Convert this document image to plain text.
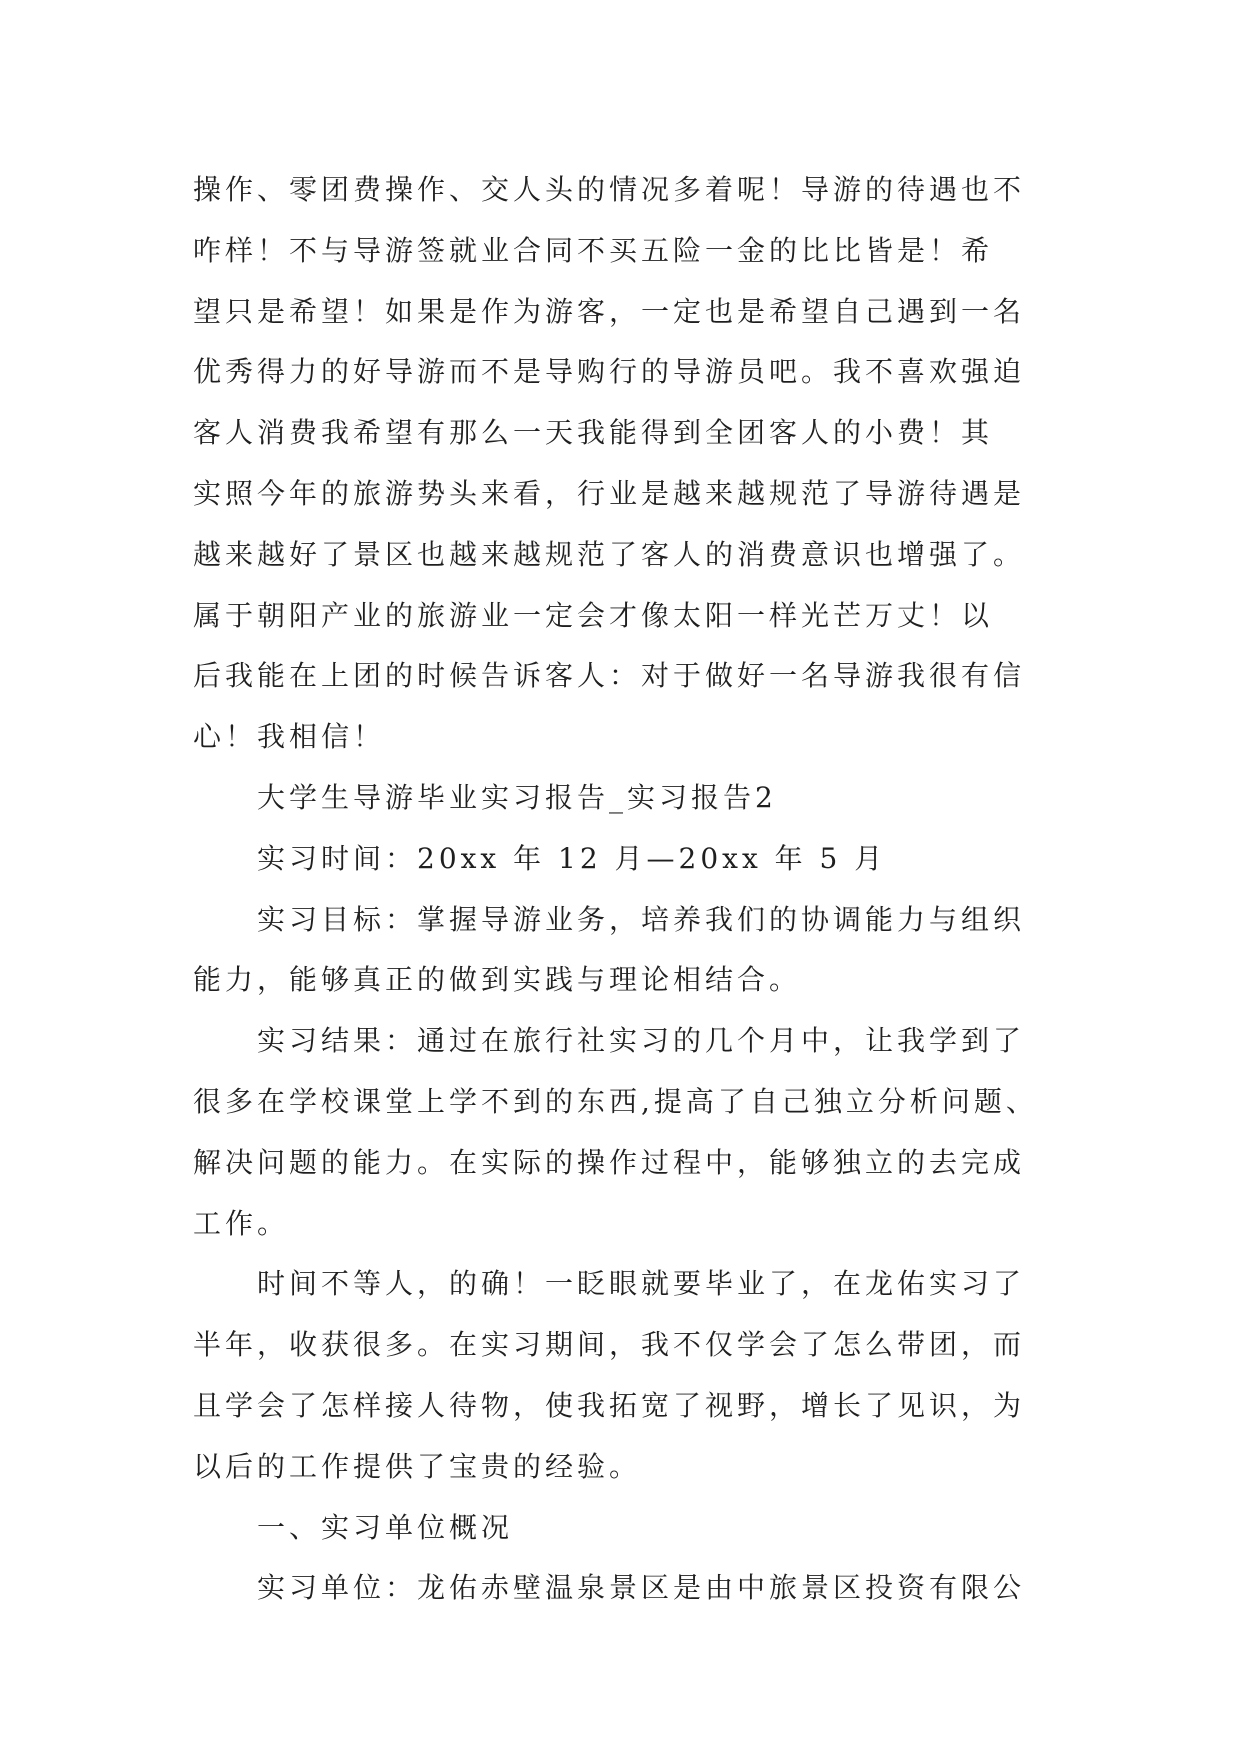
操作、零团费操作、交人头的情况多着呢！导游的待遇也不
咋样！不与导游签就业合同不买五险一金的比比皆是！希
望只是希望！如果是作为游客，一定也是希望自己遇到一名
优秀得力的好导游而不是导购行的导游员吧。我不喜欢强迫
客人消费我希望有那么一天我能得到全团客人的小费！其
实照今年的旅游势头来看，行业是越来越规范了导游待遇是
越来越好了景区也越来越规范了客人的消费意识也增强了。
属于朝阳产业的旅游业一定会才像太阳一样光芒万丈！以
后我能在上团的时候告诉客人：对于做好一名导游我很有信
心！我相信！
大学生导游毕业实习报告_实习报告2
实习时间：20xx 年 12 月—20xx 年 5 月
实习目标：掌握导游业务，培养我们的协调能力与组织
能力，能够真正的做到实践与理论相结合。
实习结果：通过在旅行社实习的几个月中，让我学到了
很多在学校课堂上学不到的东西,提高了自己独立分析问题、
解决问题的能力。在实际的操作过程中，能够独立的去完成
工作。
时间不等人，的确！一眨眼就要毕业了，在龙佑实习了
半年，收获很多。在实习期间，我不仅学会了怎么带团，而
且学会了怎样接人待物，使我拓宽了视野，增长了见识，为
以后的工作提供了宝贵的经验。
一、实习单位概况
实习单位：龙佑赤壁温泉景区是由中旅景区投资有限公
